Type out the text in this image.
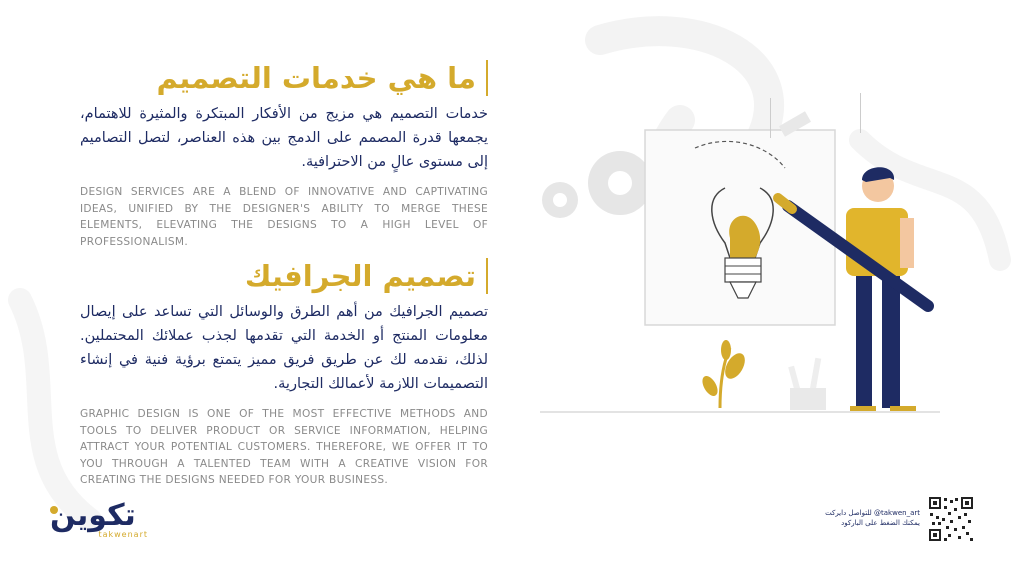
ما هي خدمات التصميم
خدمات التصميم هي مزيج من الأفكار المبتكرة والمثيرة للاهتمام، يجمعها قدرة المصمم على الدمج بين هذه العناصر، لتصل التصاميم إلى مستوى عالٍ من الاحترافية.
DESIGN SERVICES ARE A BLEND OF INNOVATIVE AND CAPTIVATING IDEAS, UNIFIED BY THE DESIGNER'S ABILITY TO MERGE THESE ELEMENTS, ELEVATING THE DESIGNS TO A HIGH LEVEL OF PROFESSIONALISM.
تصميم الجرافيك
تصميم الجرافيك من أهم الطرق والوسائل التي تساعد على إيصال معلومات المنتج أو الخدمة التي تقدمها لجذب عملائك المحتملين. لذلك، نقدمه لك عن طريق فريق مميز يتمتع برؤية فنية في إنشاء التصميمات اللازمة لأعمالك التجارية.
GRAPHIC DESIGN IS ONE OF THE MOST EFFECTIVE METHODS AND TOOLS TO DELIVER PRODUCT OR SERVICE INFORMATION, HELPING ATTRACT YOUR POTENTIAL CUSTOMERS. THEREFORE, WE OFFER IT TO YOU THROUGH A TALENTED TEAM WITH A CREATIVE VISION FOR CREATING THE DESIGNS NEEDED FOR YOUR BUSINESS.
تكوين
takwenart
للتواصل دايركت @takwen_art
يمكنك الضغط على الباركود
